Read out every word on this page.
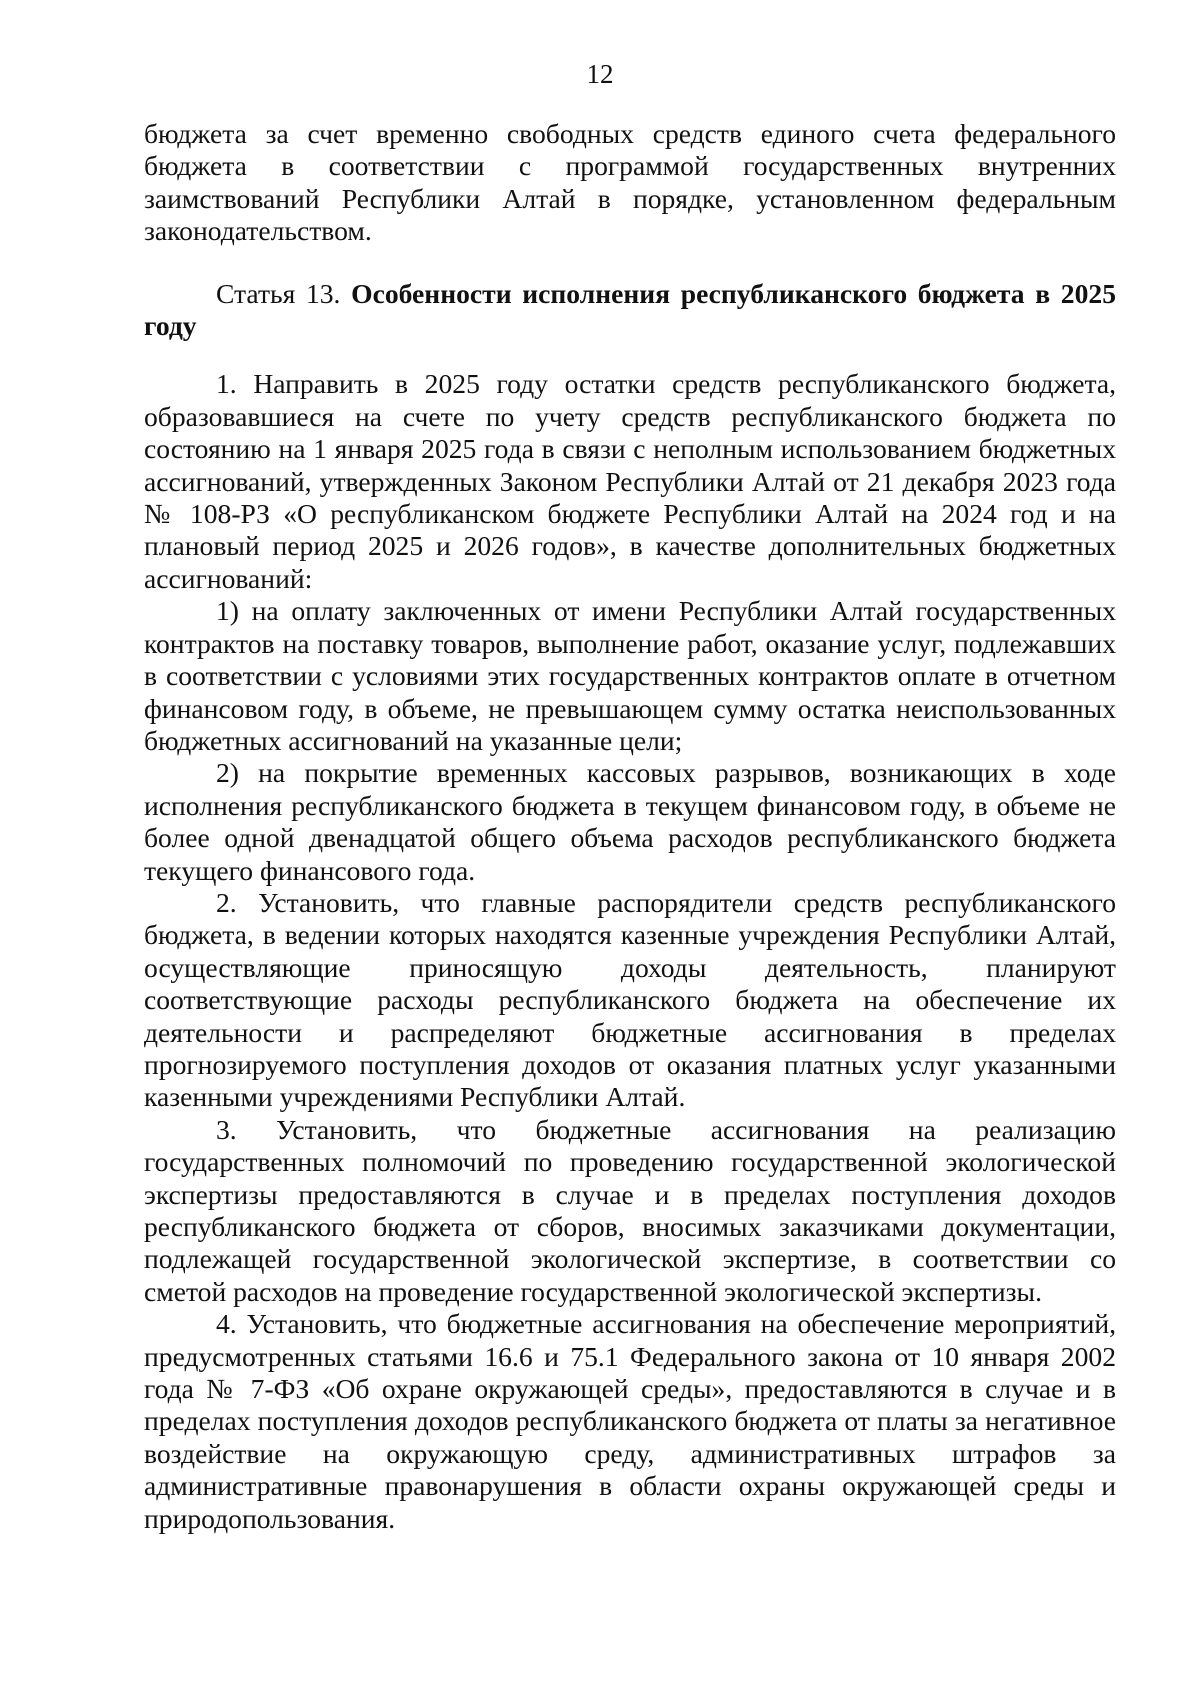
12

бюджета за счет временно свободных средств единого счета федерального бюджета в соответствии с программой государственных внутренних заимствований Республики Алтай в порядке, установленном федеральным законодательством.

Статья 13. Особенности исполнения республиканского бюджета в 2025 году

1. Направить в 2025 году остатки средств республиканского бюджета, образовавшиеся на счете по учету средств республиканского бюджета по состоянию на 1 января 2025 года в связи с неполным использованием бюджетных ассигнований, утвержденных Законом Республики Алтай от 21 декабря 2023 года № 108-РЗ «О республиканском бюджете Республики Алтай на 2024 год и на плановый период 2025 и 2026 годов», в качестве дополнительных бюджетных ассигнований:

1) на оплату заключенных от имени Республики Алтай государственных контрактов на поставку товаров, выполнение работ, оказание услуг, подлежавших в соответствии с условиями этих государственных контрактов оплате в отчетном финансовом году, в объеме, не превышающем сумму остатка неиспользованных бюджетных ассигнований на указанные цели;

2) на покрытие временных кассовых разрывов, возникающих в ходе исполнения республиканского бюджета в текущем финансовом году, в объеме не более одной двенадцатой общего объема расходов республиканского бюджета текущего финансового года.

2. Установить, что главные распорядители средств республиканского бюджета, в ведении которых находятся казенные учреждения Республики Алтай, осуществляющие приносящую доходы деятельность, планируют соответствующие расходы республиканского бюджета на обеспечение их деятельности и распределяют бюджетные ассигнования в пределах прогнозируемого поступления доходов от оказания платных услуг указанными казенными учреждениями Республики Алтай.

3. Установить, что бюджетные ассигнования на реализацию государственных полномочий по проведению государственной экологической экспертизы предоставляются в случае и в пределах поступления доходов республиканского бюджета от сборов, вносимых заказчиками документации, подлежащей государственной экологической экспертизе, в соответствии со сметой расходов на проведение государственной экологической экспертизы.

4. Установить, что бюджетные ассигнования на обеспечение мероприятий, предусмотренных статьями 16.6 и 75.1 Федерального закона от 10 января 2002 года № 7-ФЗ «Об охране окружающей среды», предоставляются в случае и в пределах поступления доходов республиканского бюджета от платы за негативное воздействие на окружающую среду, административных штрафов за административные правонарушения в области охраны окружающей среды и природопользования.
